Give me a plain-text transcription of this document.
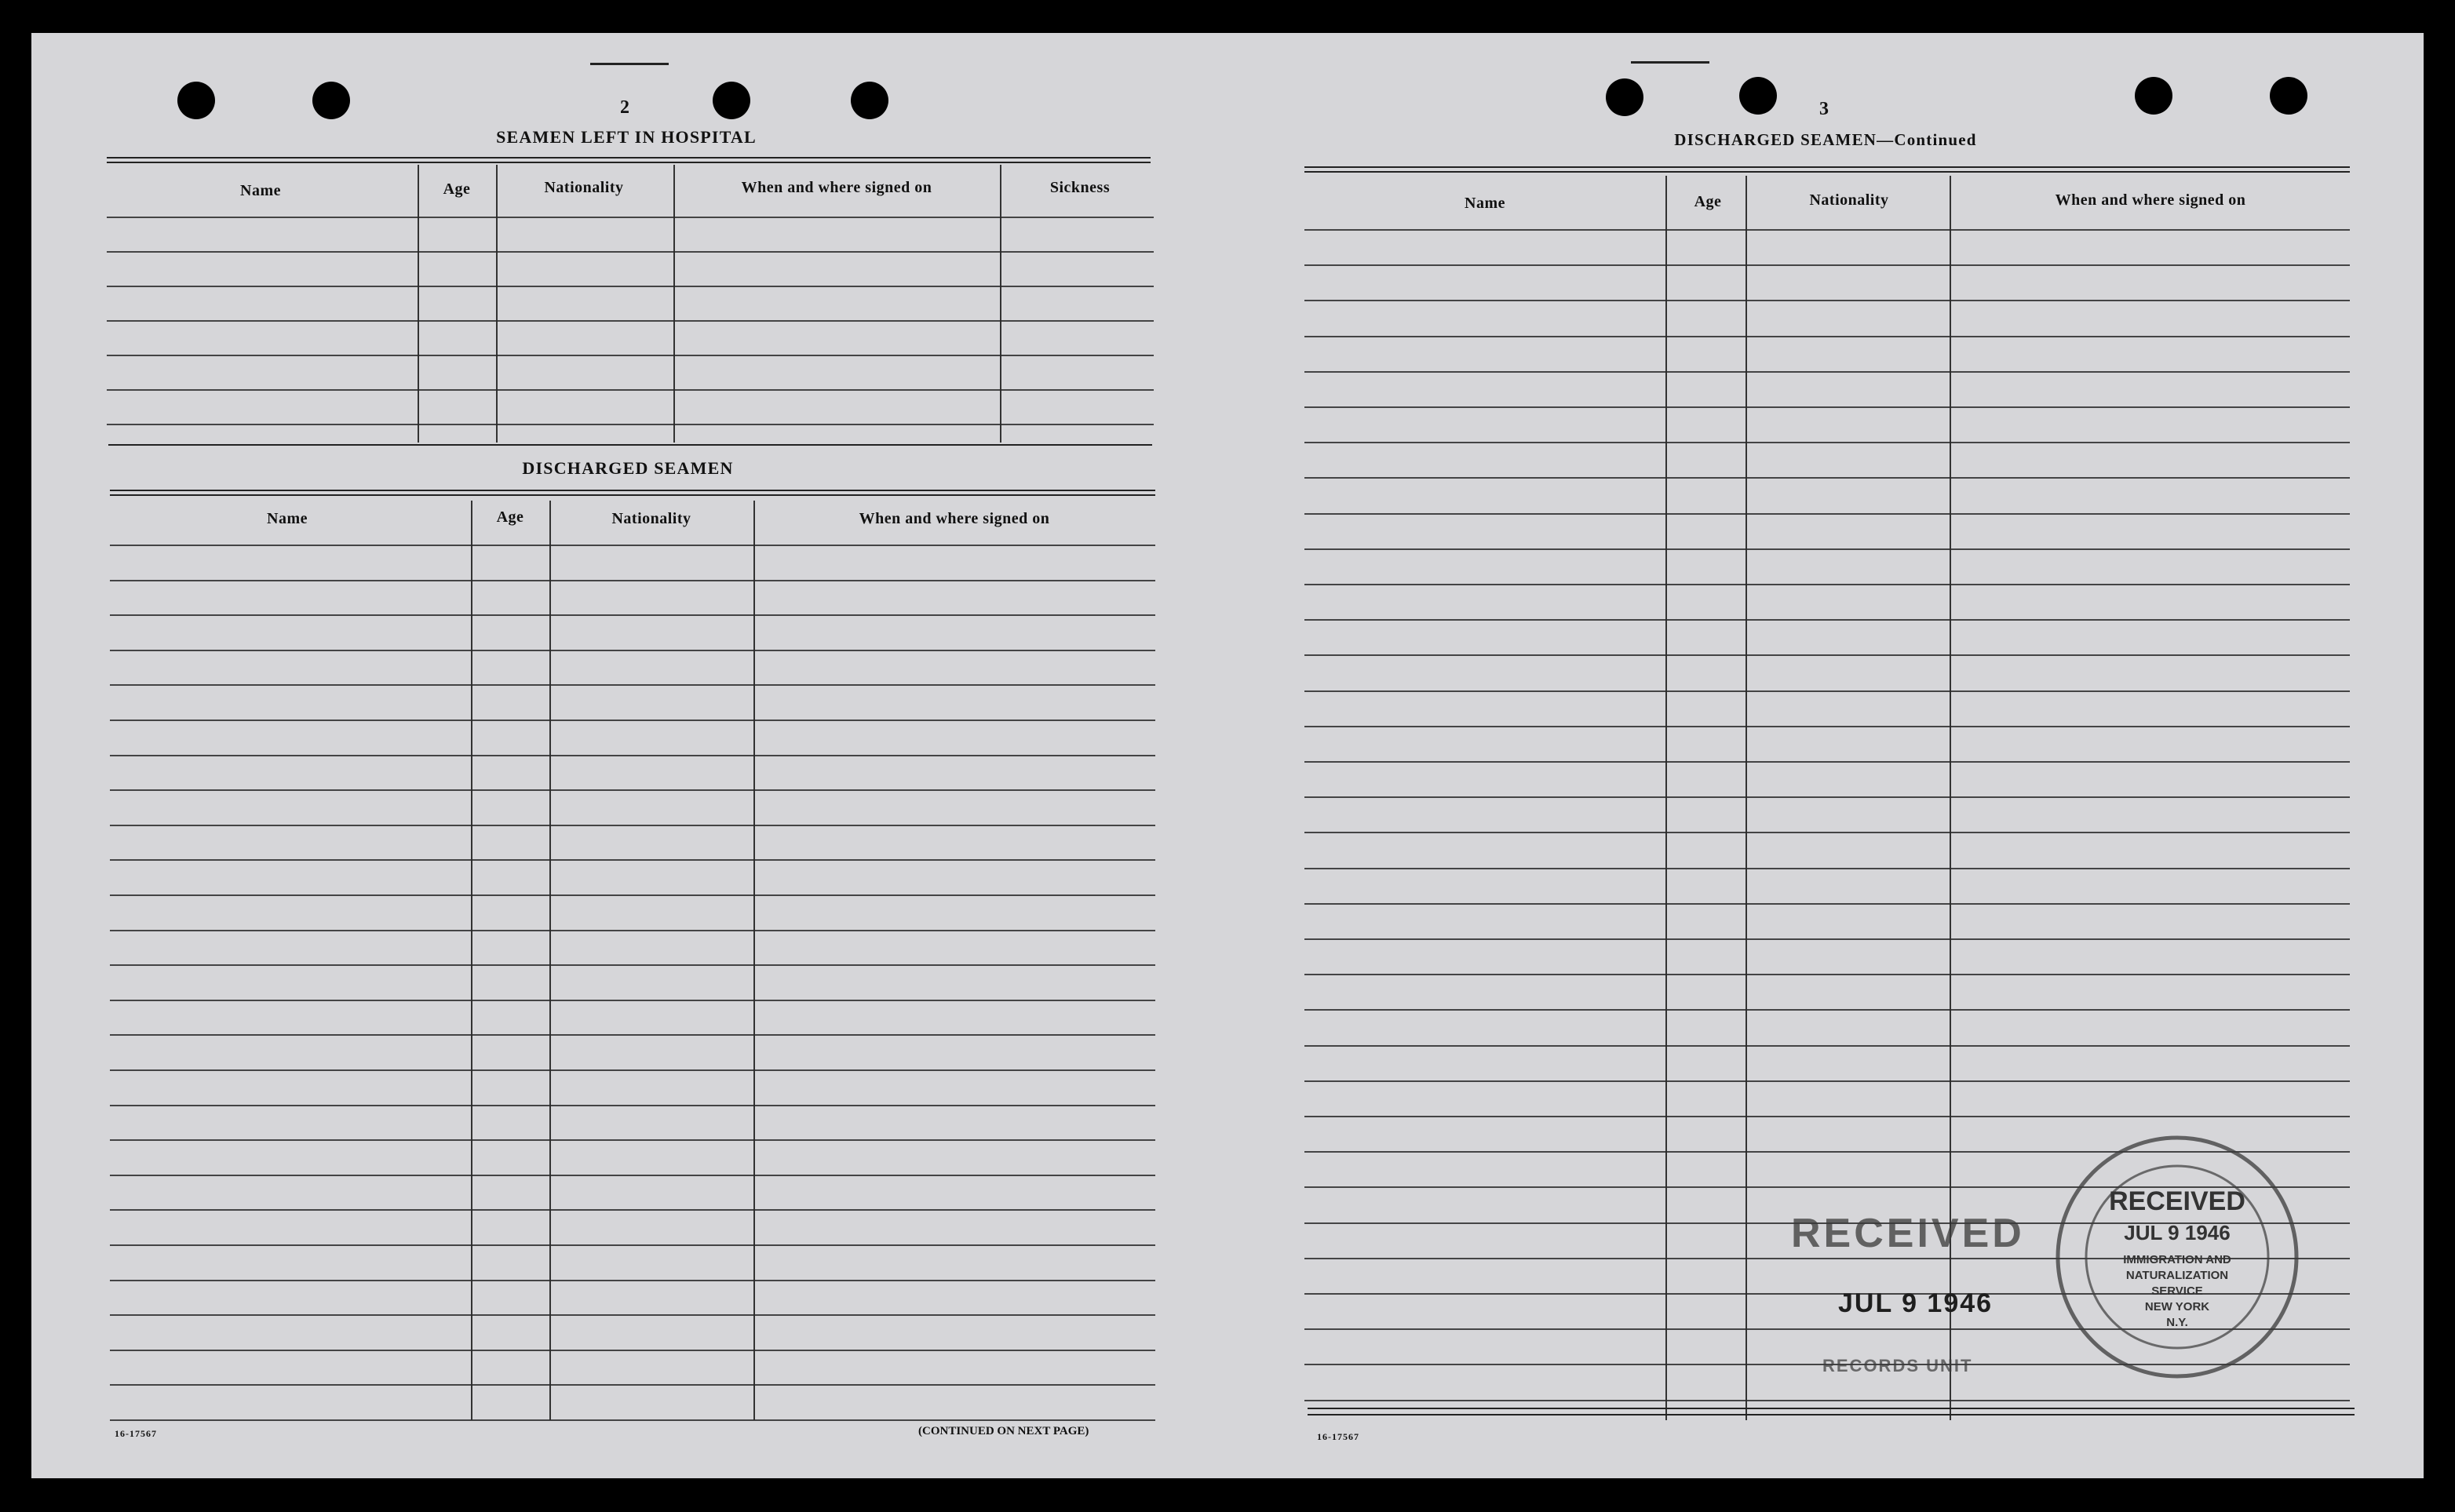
2
SEAMEN LEFT IN HOSPITAL
Name	Age	Nationality	When and where signed on	Sickness
DISCHARGED SEAMEN
Name	Age	Nationality	When and where signed on
16-17567	(CONTINUED ON NEXT PAGE)
3
DISCHARGED SEAMEN—Continued
Name	Age	Nationality	When and where signed on
16-17567
RECEIVED
JUL 9 1946
RECORDS UNIT
RECEIVED
JUL 9 1946
IMMIGRATION AND
NATURALIZATION
SERVICE
NEW YORK
N.Y.
